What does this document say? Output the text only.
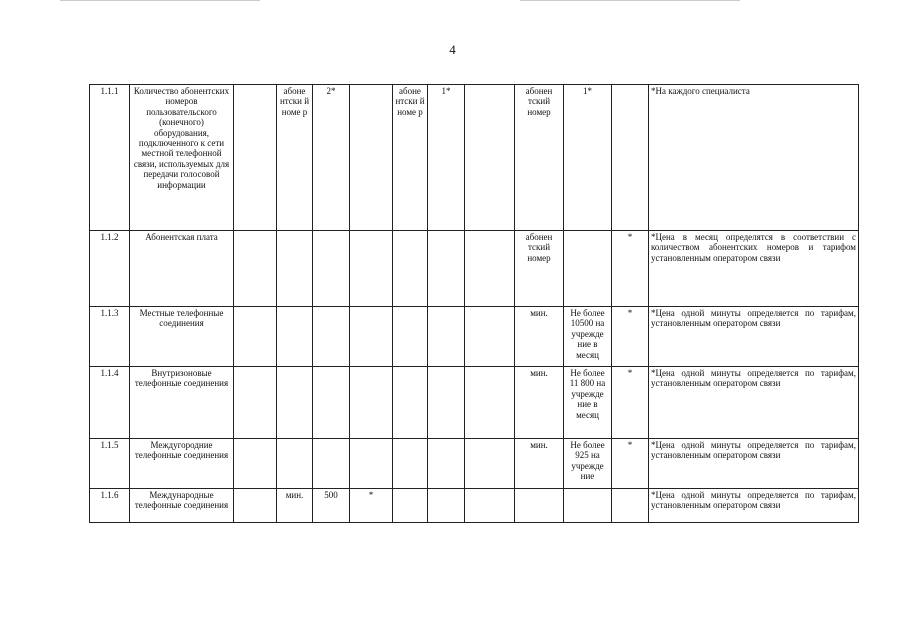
4
1.1.1	Количество абонентских номеров пользовательского (конечного) оборудования, подключенного к сети местной телефонной связи, используемых для передачи голосовой информации		абоне нтски й номе р	2*		абоне нтски й номе р	1*		абонен тский номер	1*		*На каждого специалиста
1.1.2	Абонентская плата								абонен тский номер		*	*Цена в месяц определятся в соответствии с количеством абонентских номеров и тарифом установленным оператором связи
1.1.3	Местные телефонные соединения								мин.	Не более 10500 на учрежде ние в месяц	*	*Цена одной минуты определяется по тарифам, установленным оператором связи
1.1.4	Внутризоновые телефонные соединения								мин.	Не более 11 800 на учрежде ние в месяц	*	*Цена одной минуты определяется по тарифам, установленным оператором связи
1.1.5	Междугородние телефонные соединения								мин.	Не более 925 на учрежде ние	*	*Цена одной минуты определяется по тарифам, установленным оператором связи
1.1.6	Международные телефонные соединения		мин.	500	*							*Цена одной минуты определяется по тарифам, установленным оператором связи
